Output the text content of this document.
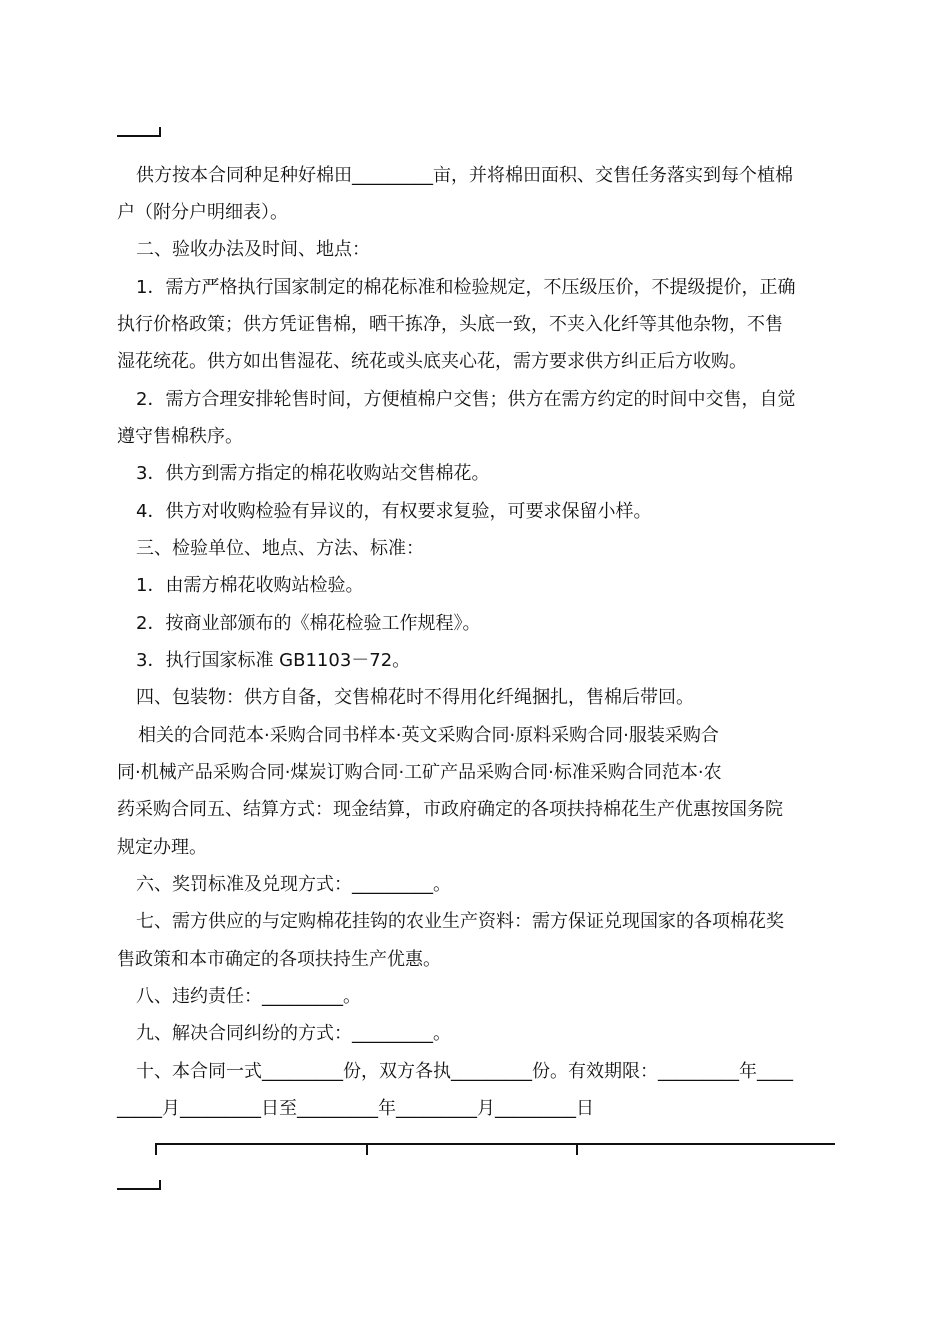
供方按本合同种足种好棉田_________亩，并将棉田面积、交售任务落实到每个植棉
户（附分户明细表）。
二、验收办法及时间、地点：
1．需方严格执行国家制定的棉花标准和检验规定，不压级压价，不提级提价，正确
执行价格政策；供方凭证售棉，晒干拣净，头底一致，不夹入化纤等其他杂物，不售
湿花统花。供方如出售湿花、统花或头底夹心花，需方要求供方纠正后方收购。
2．需方合理安排轮售时间，方便植棉户交售；供方在需方约定的时间中交售，自觉
遵守售棉秩序。
3．供方到需方指定的棉花收购站交售棉花。
4．供方对收购检验有异议的，有权要求复验，可要求保留小样。
三、检验单位、地点、方法、标准：
1．由需方棉花收购站检验。
2．按商业部颁布的《棉花检验工作规程》。
3．执行国家标准 GB1103－72。
四、包装物：供方自备，交售棉花时不得用化纤绳捆扎，售棉后带回。
相关的合同范本·采购合同书样本·英文采购合同·原料采购合同·服装采购合
同·机械产品采购合同·煤炭订购合同·工矿产品采购合同·标准采购合同范本·农
药采购合同五、结算方式：现金结算，市政府确定的各项扶持棉花生产优惠按国务院
规定办理。
六、奖罚标准及兑现方式：_________。
七、需方供应的与定购棉花挂钩的农业生产资料：需方保证兑现国家的各项棉花奖
售政策和本市确定的各项扶持生产优惠。
八、违约责任：_________。
九、解决合同纠纷的方式：_________。
十、本合同一式_________份，双方各执_________份。有效期限：_________年____
_____月_________日至_________年_________月_________日
